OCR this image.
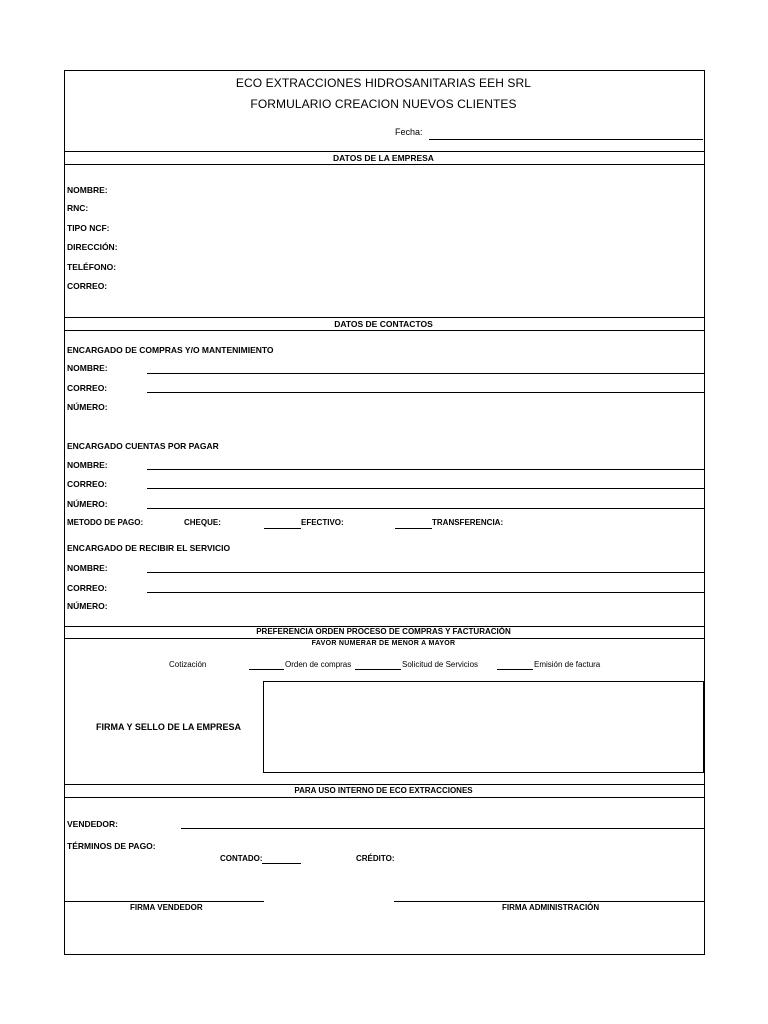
ECO EXTRACCIONES HIDROSANITARIAS EEH SRL
FORMULARIO CREACION NUEVOS CLIENTES
Fecha:
DATOS DE LA EMPRESA
NOMBRE:
RNC:
TIPO NCF:
DIRECCIÓN:
TELÉFONO:
CORREO:
DATOS DE CONTACTOS
ENCARGADO DE COMPRAS Y/O MANTENIMIENTO
NOMBRE:
CORREO:
NÚMERO:
ENCARGADO CUENTAS POR PAGAR
NOMBRE:
CORREO:
NÚMERO:
METODO DE PAGO:	CHEQUE:	EFECTIVO:	TRANSFERENCIA:
ENCARGADO DE RECIBIR EL SERVICIO
NOMBRE:
CORREO:
NÚMERO:
PREFERENCIA ORDEN PROCESO DE COMPRAS Y FACTURACIÓN
FAVOR NUMERAR DE MENOR A MAYOR
Cotización	Orden de compras	Solicitud de Servicios	Emisión de factura
FIRMA Y SELLO DE LA EMPRESA
PARA USO INTERNO DE ECO EXTRACCIONES
VENDEDOR:
TÉRMINOS DE PAGO:
CONTADO:	CRÉDITO:
FIRMA VENDEDOR	FIRMA ADMINISTRACIÓN
